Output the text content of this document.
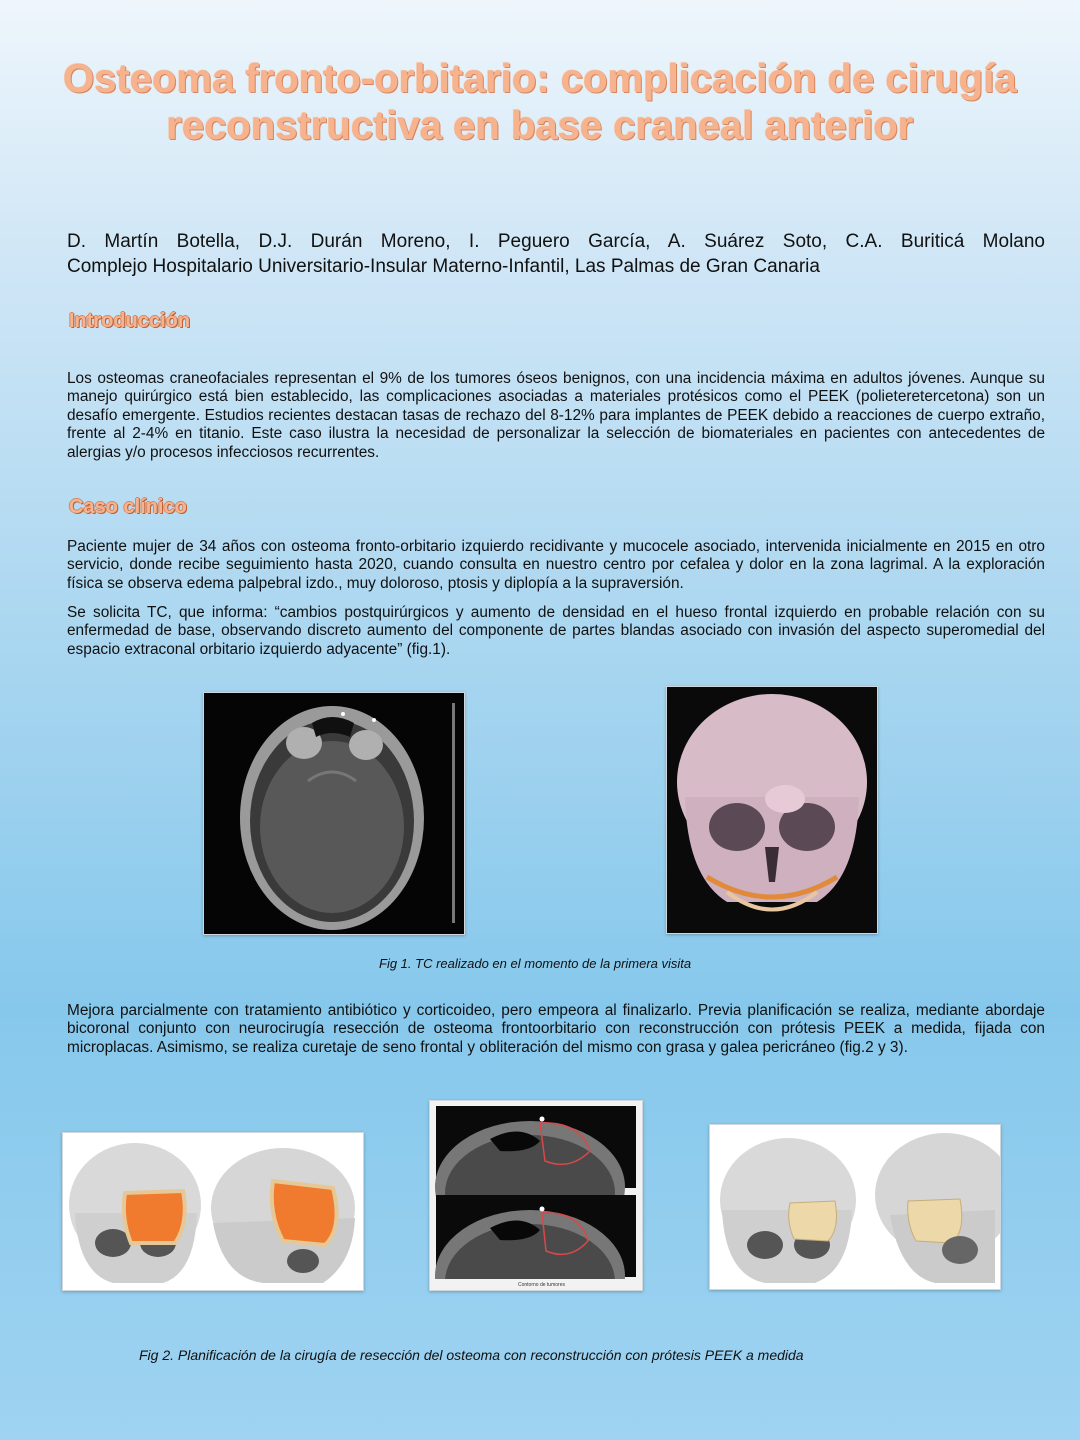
Osteoma fronto-orbitario: complicación de cirugía reconstructiva en base craneal anterior

D. Martín Botella, D.J. Durán Moreno, I. Peguero García, A. Suárez Soto, C.A. Buriticá Molano

Complejo Hospitalario Universitario-Insular Materno-Infantil, Las Palmas de Gran Canaria

Introducción

Los osteomas craneofaciales representan el 9% de los tumores óseos benignos, con una incidencia máxima en adultos jóvenes. Aunque su manejo quirúrgico está bien establecido, las complicaciones asociadas a materiales protésicos como el PEEK (polieteretercetona) son un desafío emergente. Estudios recientes destacan tasas de rechazo del 8-12% para implantes de PEEK debido a reacciones de cuerpo extraño, frente al 2-4% en titanio. Este caso ilustra la necesidad de personalizar la selección de biomateriales en pacientes con antecedentes de alergias y/o procesos infecciosos recurrentes.

Caso clínico

Paciente mujer de 34 años con osteoma fronto-orbitario izquierdo recidivante y mucocele asociado, intervenida inicialmente en 2015 en otro servicio, donde recibe seguimiento hasta 2020, cuando consulta en nuestro centro por cefalea y dolor en la zona lagrimal. A la exploración física se observa edema palpebral izdo., muy doloroso, ptosis y diplopía a la supraversión.

Se solicita TC, que informa: “cambios postquirúrgicos y aumento de densidad en el hueso frontal izquierdo en probable relación con su enfermedad de base, observando discreto aumento del componente de partes blandas asociado con invasión del aspecto superomedial del espacio extraconal orbitario izquierdo adyacente” (fig.1).

Fig 1. TC realizado en el momento de la primera visita

Mejora parcialmente con tratamiento antibiótico y corticoideo, pero empeora al finalizarlo. Previa planificación se realiza, mediante abordaje bicoronal conjunto con neurocirugía resección de osteoma frontoorbitario con reconstrucción con prótesis PEEK a medida, fijada con microplacas. Asimismo, se realiza curetaje de seno frontal y obliteración del mismo con grasa y galea pericráneo (fig.2 y 3).

Contorno de tumores

Fig 2. Planificación de la cirugía de resección del osteoma con reconstrucción con prótesis PEEK a medida
